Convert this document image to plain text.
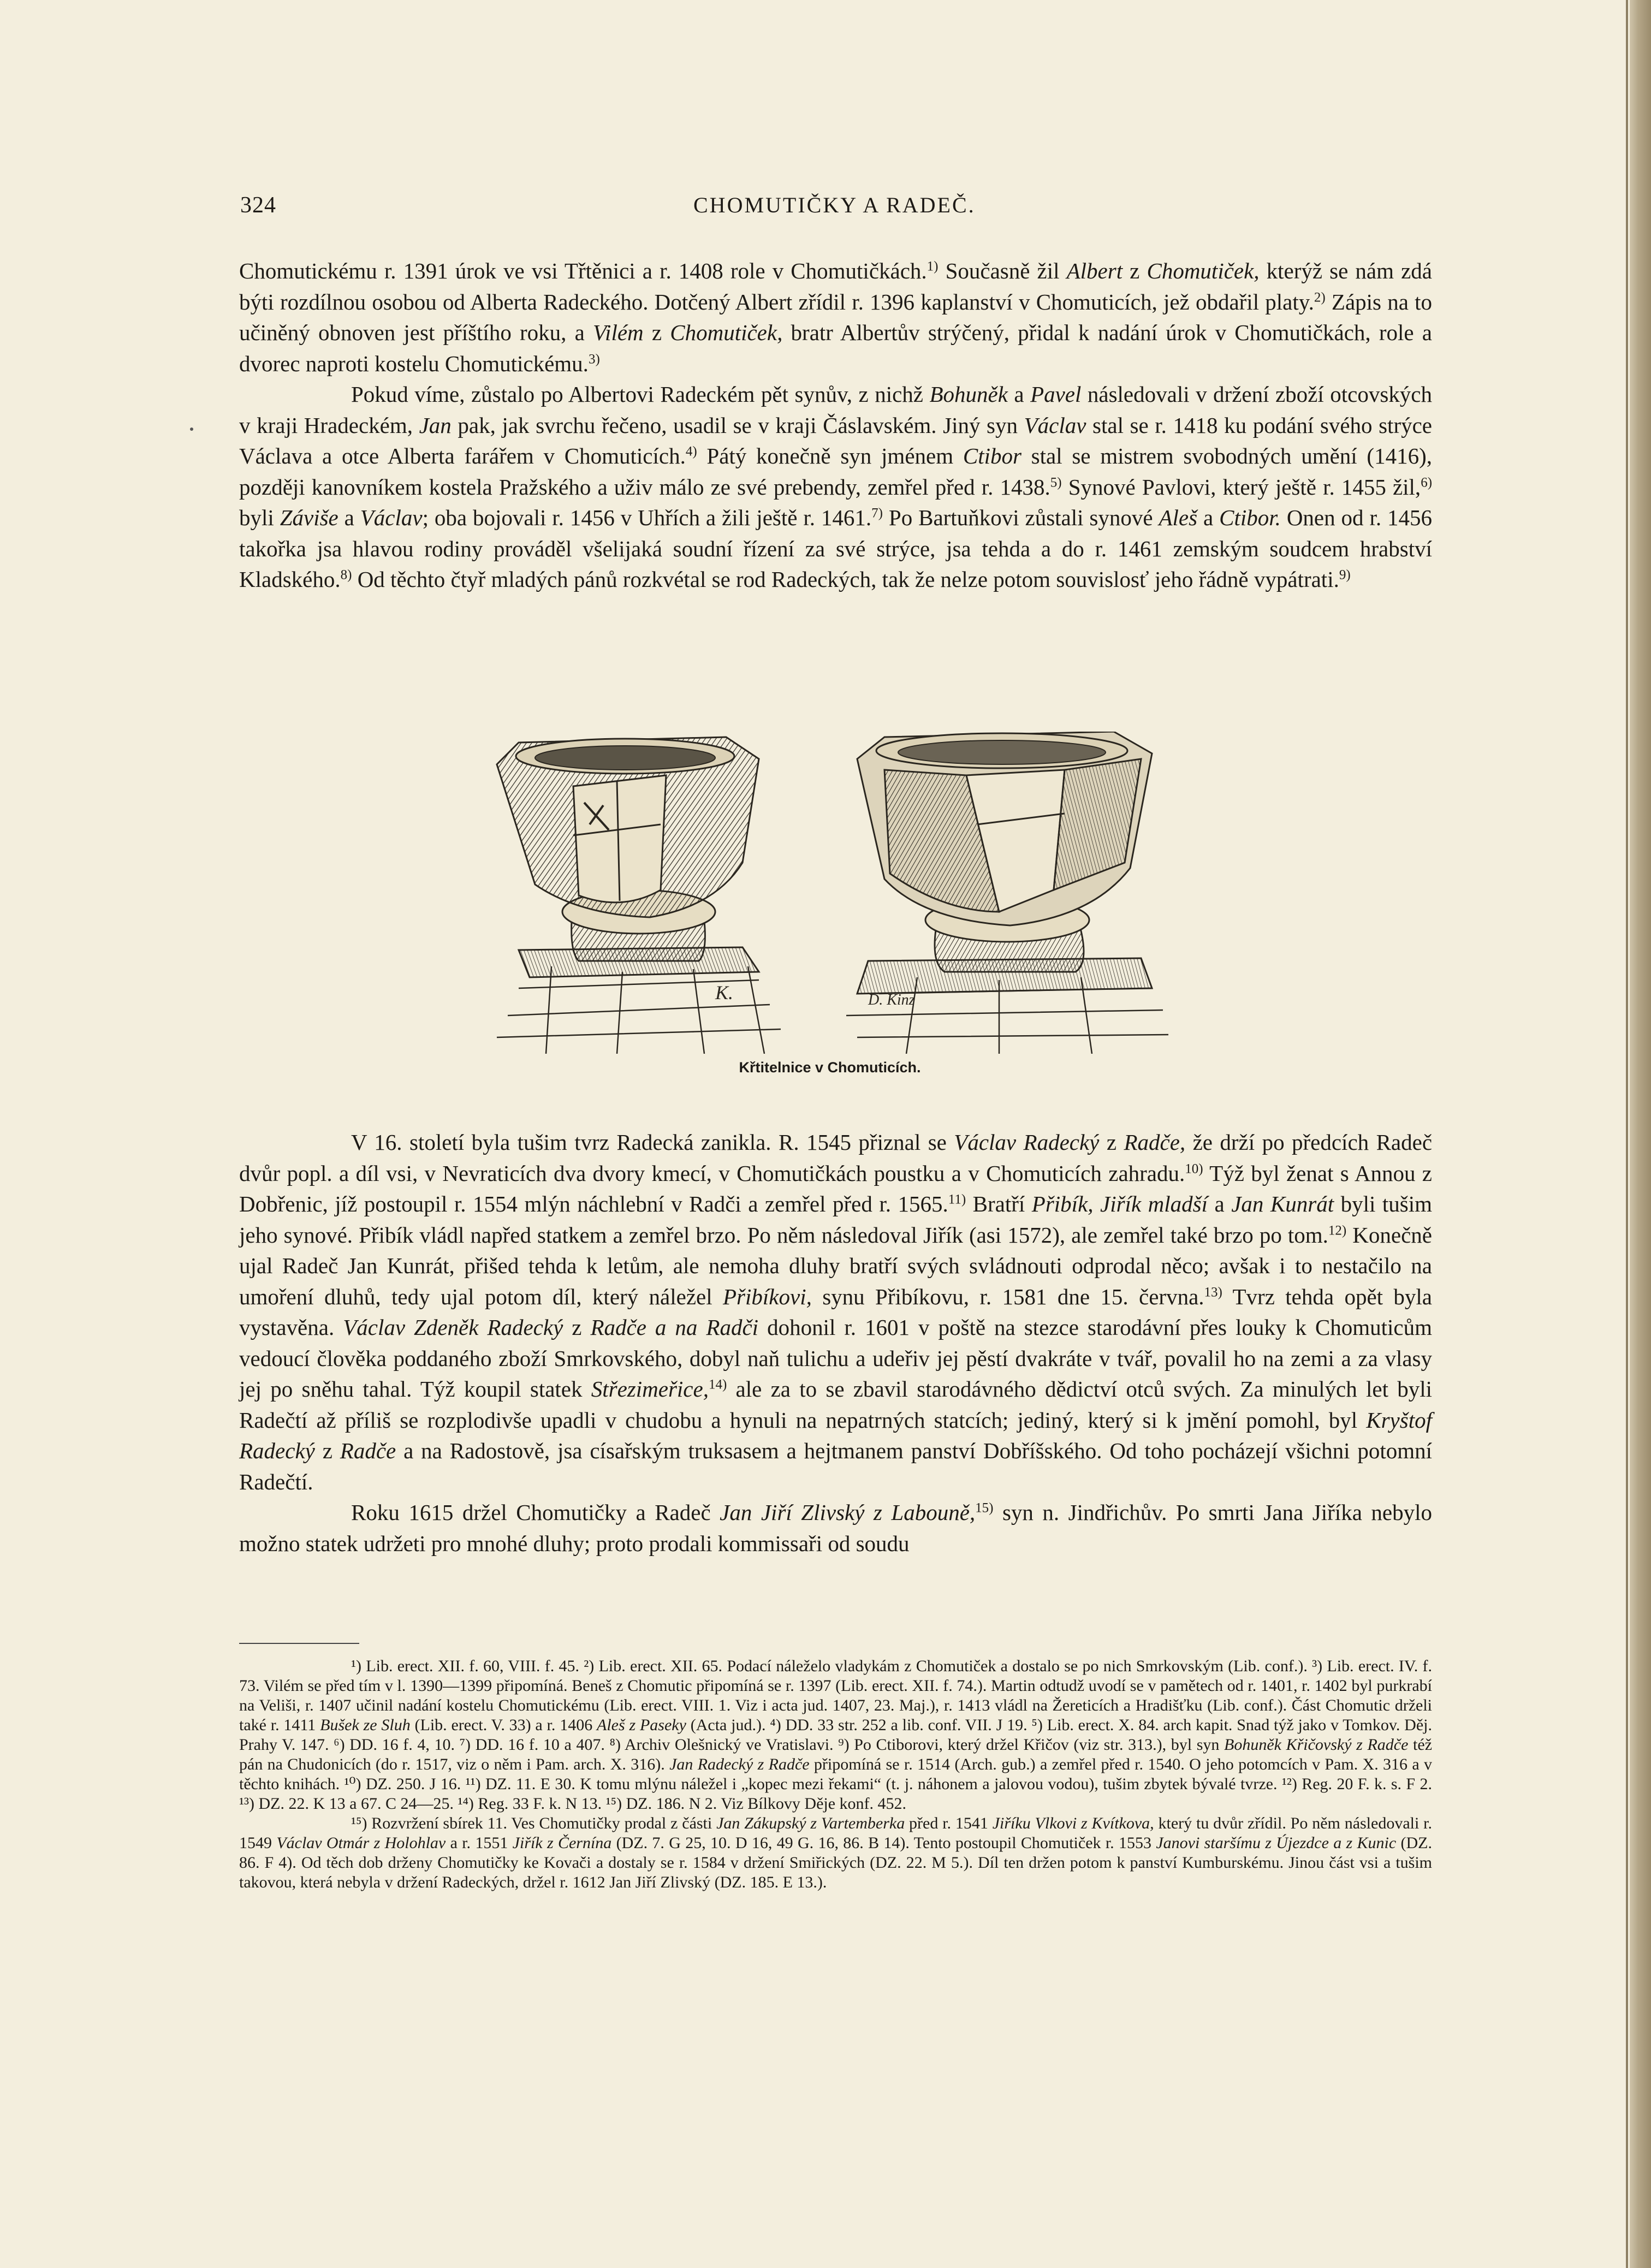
324	CHOMUTIČKY A RADEČ.

Chomutickému r. 1391 úrok ve vsi Třtěnici a r. 1408 role v Chomutičkách.$^{1)}$ Současně žil Albert z Chomutiček, kterýž se nám zdá býti rozdílnou osobou od Alberta Radeckého. Dotčený Albert zřídil r. 1396 kaplanství v Chomuticích, jež obdařil platy.$^{2)}$ Zápis na to učiněný obnoven jest příštího roku, a Vilém z Chomutiček, bratr Albertův strýčený, přidal k nadání úrok v Chomutičkách, role a dvorec naproti kostelu Chomutickému.$^{3)}$

Pokud víme, zůstalo po Albertovi Radeckém pět synův, z nichž Bohuněk a Pavel následovali v držení zboží otcovských v kraji Hradeckém, Jan pak, jak svrchu řečeno, usadil se v kraji Čáslavském. Jiný syn Václav stal se r. 1418 ku podání svého strýce Václava a otce Alberta farářem v Chomuticích.$^{4)}$ Pátý konečně syn jménem Ctibor stal se mistrem svobodných umění (1416), později kanovníkem kostela Pražského a uživ málo ze své prebendy, zemřel před r. 1438.$^{5)}$ Synové Pavlovi, který ještě r. 1455 žil,$^{6)}$ byli Záviše a Václav; oba bojovali r. 1456 v Uhřích a žili ještě r. 1461.$^{7)}$ Po Bartuňkovi zůstali synové Aleš a Ctibor. Onen od r. 1456 takořka jsa hlavou rodiny prováděl všelijaká soudní řízení za své strýce, jsa tehda a do r. 1461 zemským soudcem hrabství Kladského.$^{8)}$ Od těchto čtyř mladých pánů rozkvétal se rod Radeckých, tak že nelze potom souvislosť jeho řádně vypátrati.$^{9)}$

K.	D. Kinz
Křtitelnice v Chomuticích.

V 16. století byla tušim tvrz Radecká zanikla. R. 1545 přiznal se Václav Radecký z Radče, že drží po předcích Radeč dvůr popl. a díl vsi, v Nevraticích dva dvory kmecí, v Chomutičkách poustku a v Chomuticích zahradu.$^{10)}$ Týž byl ženat s Annou z Dobřenic, jíž postoupil r. 1554 mlýn náchlební v Radči a zemřel před r. 1565.$^{11)}$ Bratří Přibík, Jiřík mladší a Jan Kunrát byli tušim jeho synové. Přibík vládl napřed statkem a zemřel brzo. Po něm následoval Jiřík (asi 1572), ale zemřel také brzo po tom.$^{12)}$ Konečně ujal Radeč Jan Kunrát, přišed tehda k letům, ale nemoha dluhy bratří svých svládnouti odprodal něco; avšak i to nestačilo na umoření dluhů, tedy ujal potom díl, který náležel Přibíkovi, synu Přibíkovu, r. 1581 dne 15. června.$^{13)}$ Tvrz tehda opět byla vystavěna. Václav Zdeněk Radecký z Radče a na Radči dohonil r. 1601 v poště na stezce starodávní přes louky k Chomuticům vedoucí člověka poddaného zboží Smrkovského, dobyl naň tulichu a udeřiv jej pěstí dvakráte v tvář, povalil ho na zemi a za vlasy jej po sněhu tahal. Týž koupil statek Střezimeřice,$^{14)}$ ale za to se zbavil starodávného dědictví otců svých. Za minulých let byli Radečtí až příliš se rozplodivše upadli v chudobu a hynuli na nepatrných statcích; jediný, který si k jmění pomohl, byl Kryštof Radecký z Radče a na Radostově, jsa císařským truksasem a hejtmanem panství Dobříšského. Od toho pocházejí všichni potomní Radečtí.

Roku 1615 držel Chomutičky a Radeč Jan Jiří Zlivský z Labouně,$^{15)}$ syn n. Jindřichův. Po smrti Jana Jiříka nebylo možno statek udržeti pro mnohé dluhy; proto prodali kommissaři od soudu

¹) Lib. erect. XII. f. 60, VIII. f. 45. ²) Lib. erect. XII. 65. Podací náleželo vladykám z Chomutiček a dostalo se po nich Smrkovským (Lib. conf.). ³) Lib. erect. IV. f. 73. Vilém se před tím v l. 1390—1399 připomíná. Beneš z Chomutic připomíná se r. 1397 (Lib. erect. XII. f. 74.). Martin odtudž uvodí se v pamětech od r. 1401, r. 1402 byl purkrabí na Veliši, r. 1407 učinil nadání kostelu Chomutickému (Lib. erect. VIII. 1. Viz i acta jud. 1407, 23. Maj.), r. 1413 vládl na Žereticích a Hradišťku (Lib. conf.). Část Chomutic drželi také r. 1411 Bušek ze Sluh (Lib. erect. V. 33) a r. 1406 Aleš z Paseky (Acta jud.). ⁴) DD. 33 str. 252 a lib. conf. VII. J 19. ⁵) Lib. erect. X. 84. arch kapit. Snad týž jako v Tomkov. Děj. Prahy V. 147. ⁶) DD. 16 f. 4, 10. ⁷) DD. 16 f. 10 a 407. ⁸) Archiv Olešnický ve Vratislavi. ⁹) Po Ctiborovi, který držel Křičov (viz str. 313.), byl syn Bohuněk Křičovský z Radče též pán na Chudonicích (do r. 1517, viz o něm i Pam. arch. X. 316). Jan Radecký z Radče připomíná se r. 1514 (Arch. gub.) a zemřel před r. 1540. O jeho potomcích v Pam. X. 316 a v těchto knihách. ¹⁰) DZ. 250. J 16. ¹¹) DZ. 11. E 30. K tomu mlýnu náležel i „kopec mezi řekami“ (t. j. náhonem a jalovou vodou), tušim zbytek bývalé tvrze. ¹²) Reg. 20 F. k. s. F 2. ¹³) DZ. 22. K 13 a 67. C 24—25. ¹⁴) Reg. 33 F. k. N 13. ¹⁵) DZ. 186. N 2. Viz Bílkovy Děje konf. 452.

¹⁵) Rozvržení sbírek 11. Ves Chomutičky prodal z části Jan Zákupský z Vartemberka před r. 1541 Jiříku Vlkovi z Kvítkova, který tu dvůr zřídil. Po něm následovali r. 1549 Václav Otmár z Holohlav a r. 1551 Jiřík z Černína (DZ. 7. G 25, 10. D 16, 49 G. 16, 86. B 14). Tento postoupil Chomutiček r. 1553 Janovi staršímu z Újezdce a z Kunic (DZ. 86. F 4). Od těch dob drženy Chomutičky ke Kovači a dostaly se r. 1584 v držení Smiřických (DZ. 22. M 5.). Díl ten držen potom k panství Kumburskému. Jinou část vsi a tušim takovou, která nebyla v držení Radeckých, držel r. 1612 Jan Jiří Zlivský (DZ. 185. E 13.).
